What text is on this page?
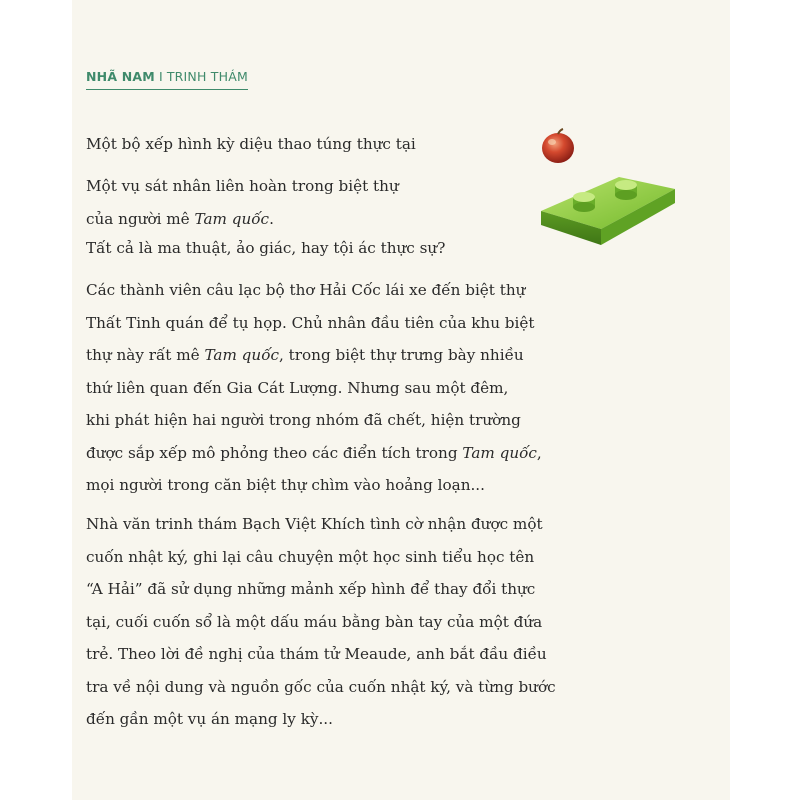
NHÃ NAM I TRINH THÁM
Một bộ xếp hình kỳ diệu thao túng thực tại
Một vụ sát nhân liên hoàn trong biệt thự
của người mê Tam quốc.
Tất cả là ma thuật, ảo giác, hay tội ác thực sự?
Các thành viên câu lạc bộ thơ Hải Cốc lái xe đến biệt thự
Thất Tinh quán để tụ họp. Chủ nhân đầu tiên của khu biệt
thự này rất mê Tam quốc, trong biệt thự trưng bày nhiều
thứ liên quan đến Gia Cát Lượng. Nhưng sau một đêm,
khi phát hiện hai người trong nhóm đã chết, hiện trường
được sắp xếp mô phỏng theo các điển tích trong Tam quốc,
mọi người trong căn biệt thự chìm vào hoảng loạn...
Nhà văn trinh thám Bạch Việt Khích tình cờ nhận được một
cuốn nhật ký, ghi lại câu chuyện một học sinh tiểu học tên
“A Hải” đã sử dụng những mảnh xếp hình để thay đổi thực
tại, cuối cuốn sổ là một dấu máu bằng bàn tay của một đứa
trẻ. Theo lời đề nghị của thám tử Meaude, anh bắt đầu điều
tra về nội dung và nguồn gốc của cuốn nhật ký, và từng bước
đến gần một vụ án mạng ly kỳ...
